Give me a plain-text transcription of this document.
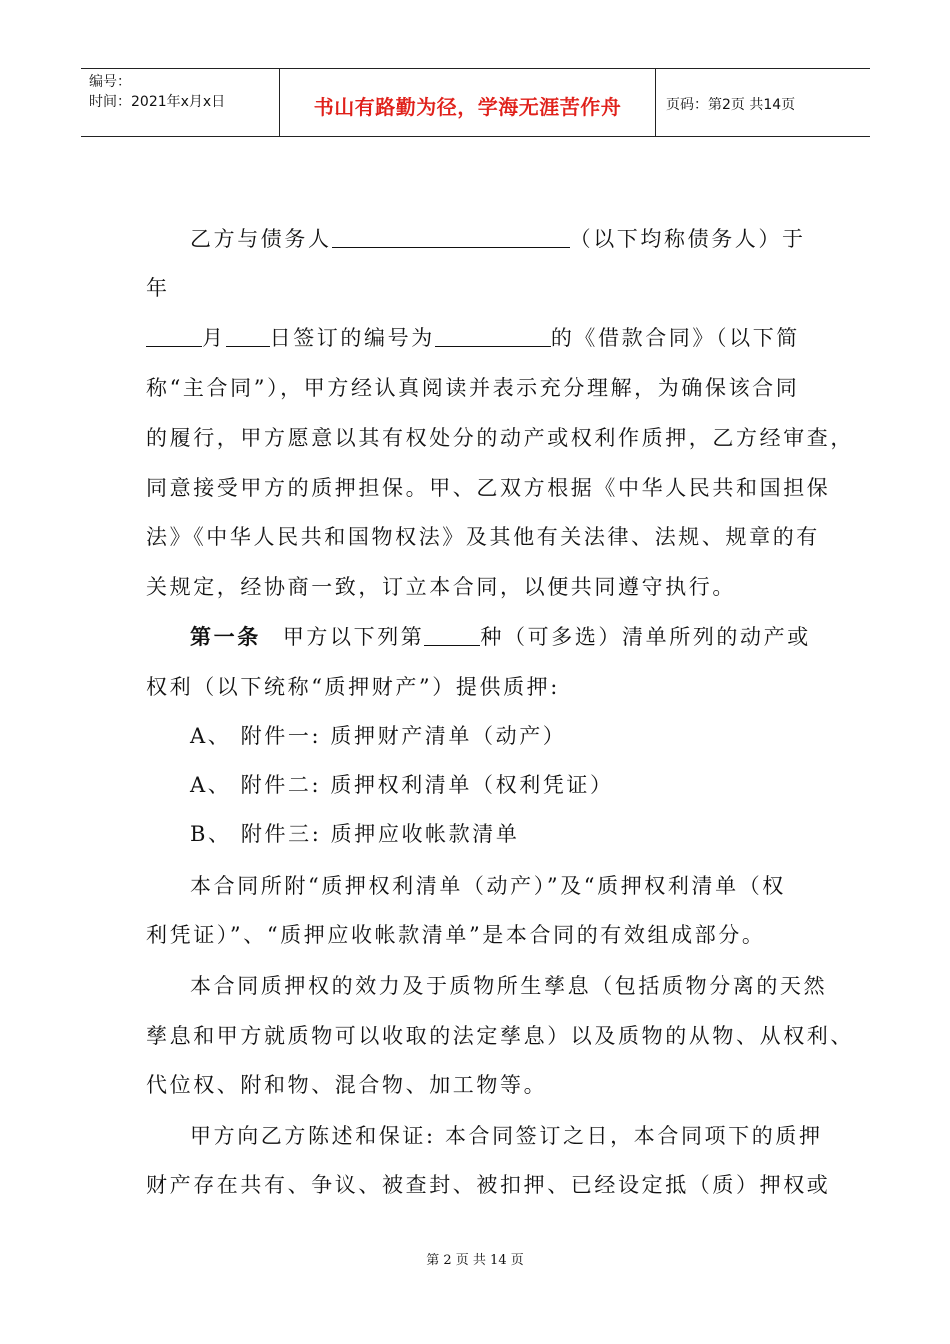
编号：
时间：2021年x月x日	书山有路勤为径，学海无涯苦作舟	页码：第2页 共14页
乙方与债务人	（以下均称债务人）于
年
月 日签订的编号为	的《借款合同》（以下简
称“主合同”），甲方经认真阅读并表示充分理解，为确保该合同
的履行，甲方愿意以其有权处分的动产或权利作质押，乙方经审查，
同意接受甲方的质押担保。甲、乙双方根据《中华人民共和国担保
法》《中华人民共和国物权法》及其他有关法律、法规、规章的有
关规定，经协商一致，订立本合同，以便共同遵守执行。
第一条 甲方以下列第	种（可多选）清单所列的动产或
权利（以下统称“质押财产”）提供质押:
A、 附件一: 质押财产清单（动产）
A、 附件二: 质押权利清单（权利凭证）
B、 附件三: 质押应收帐款清单
本合同所附“质押权利清单（动产）”及“质押权利清单（权
利凭证）”、“质押应收帐款清单”是本合同的有效组成部分。
本合同质押权的效力及于质物所生孳息（包括质物分离的天然
孳息和甲方就质物可以收取的法定孳息）以及质物的从物、从权利、
代位权、附和物、混合物、加工物等。
甲方向乙方陈述和保证: 本合同签订之日，本合同项下的质押
财产存在共有、争议、被查封、被扣押、已经设定抵（质）押权或
第 2 页 共 14 页
